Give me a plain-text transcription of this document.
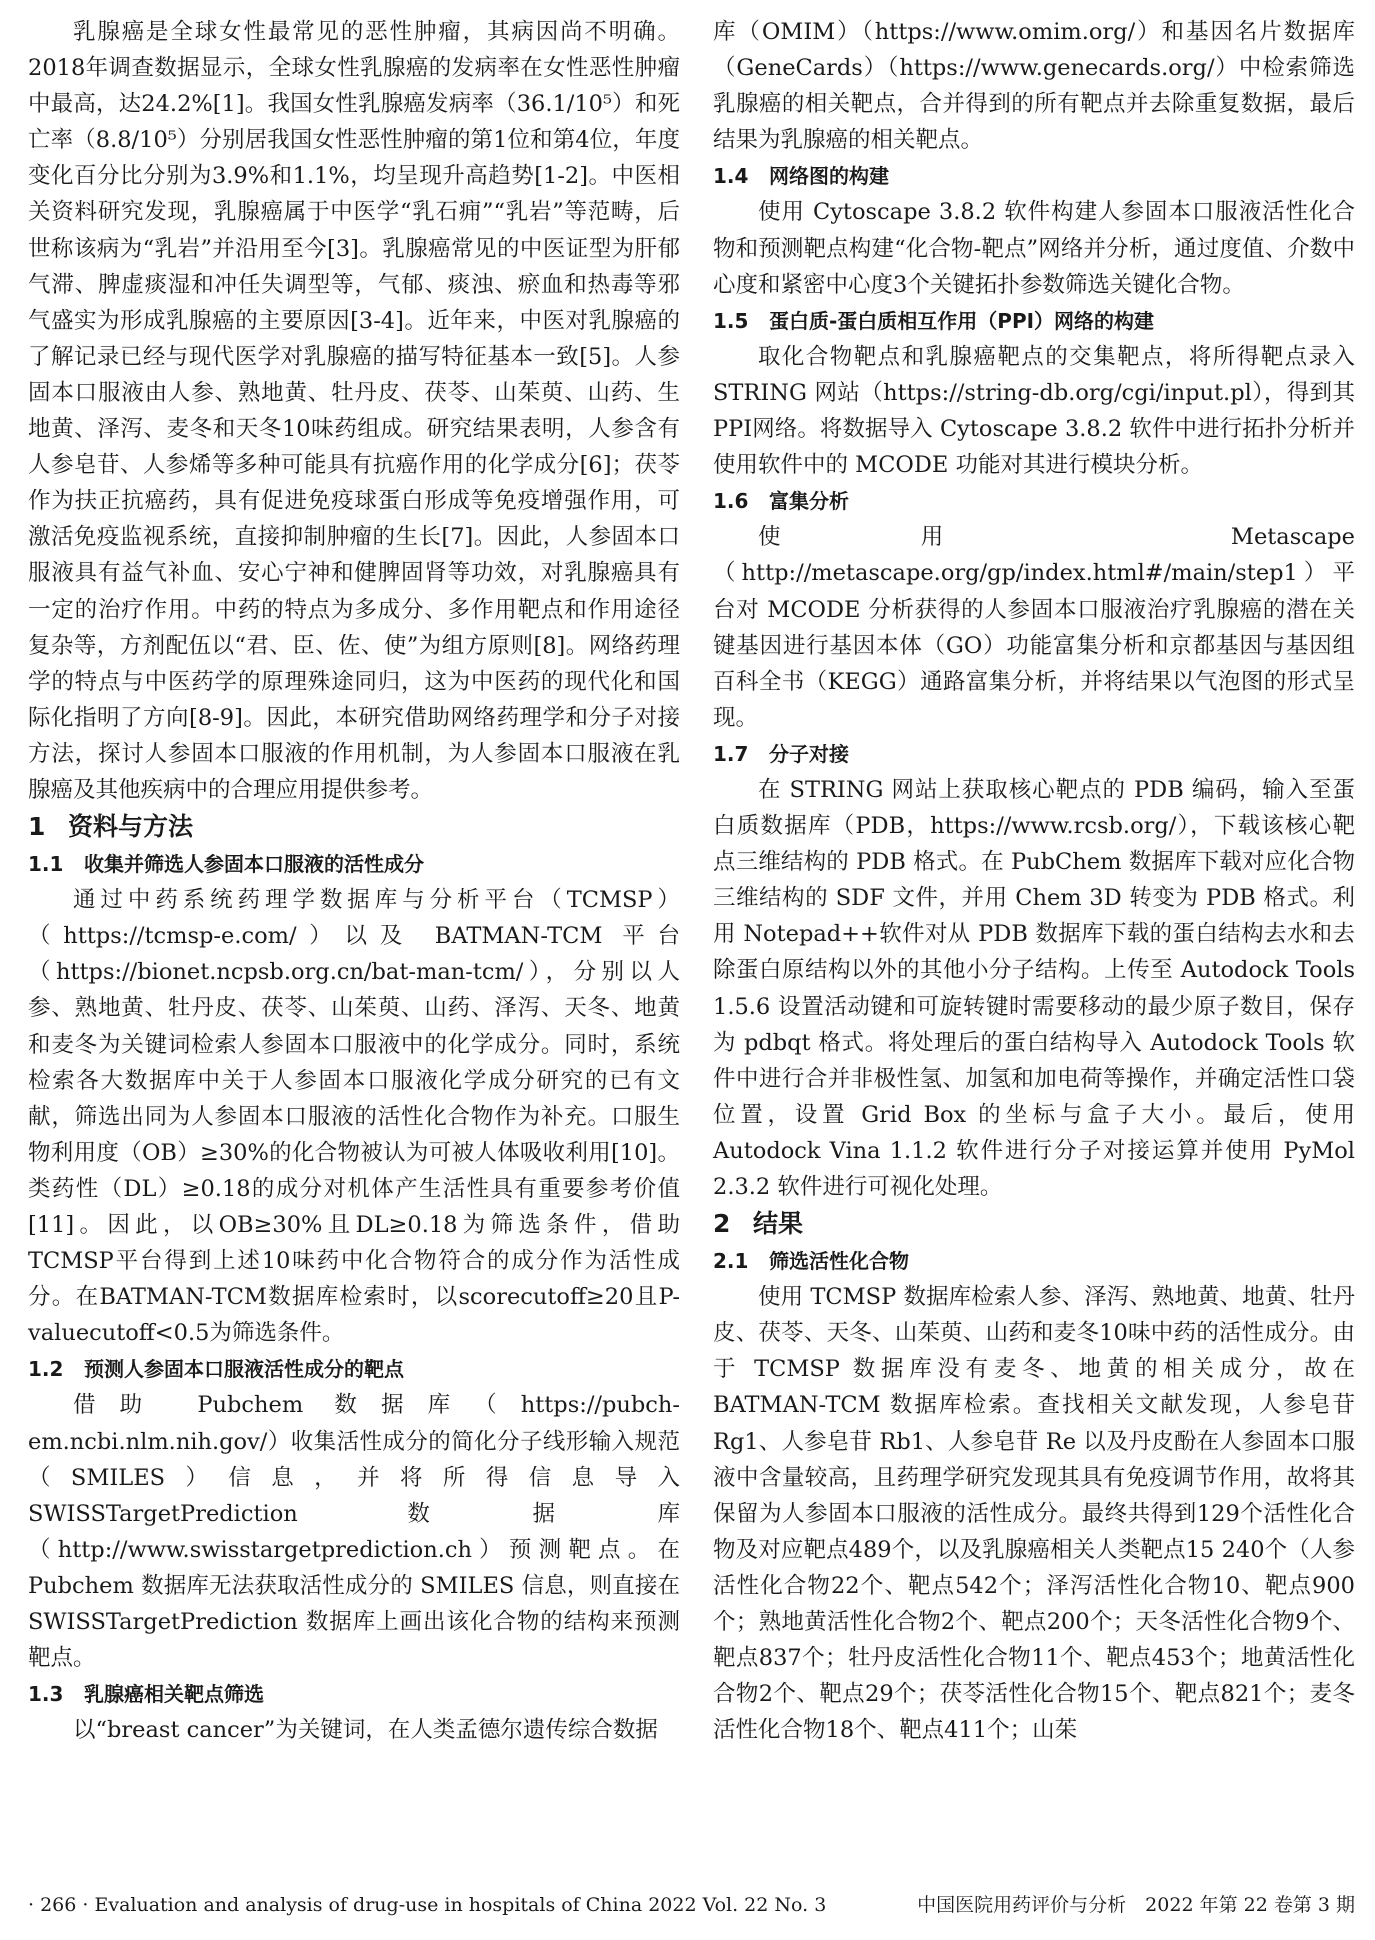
乳腺癌是全球女性最常见的恶性肿瘤，其病因尚不明确。2018年调查数据显示，全球女性乳腺癌的发病率在女性恶性肿瘤中最高，达24.2%[1]。我国女性乳腺癌发病率（36.1/10⁵）和死亡率（8.8/10⁵）分别居我国女性恶性肿瘤的第1位和第4位，年度变化百分比分别为3.9%和1.1%，均呈现升高趋势[1-2]。中医相关资料研究发现，乳腺癌属于中医学“乳石痈”“乳岩”等范畴，后世称该病为“乳岩”并沿用至今[3]。乳腺癌常见的中医证型为肝郁气滞、脾虚痰湿和冲任失调型等，气郁、痰浊、瘀血和热毒等邪气盛实为形成乳腺癌的主要原因[3-4]。近年来，中医对乳腺癌的了解记录已经与现代医学对乳腺癌的描写特征基本一致[5]。人参固本口服液由人参、熟地黄、牡丹皮、茯苓、山茱萸、山药、生地黄、泽泻、麦冬和天冬10味药组成。研究结果表明，人参含有人参皂苷、人参烯等多种可能具有抗癌作用的化学成分[6]；茯苓作为扶正抗癌药，具有促进免疫球蛋白形成等免疫增强作用，可激活免疫监视系统，直接抑制肿瘤的生长[7]。因此，人参固本口服液具有益气补血、安心宁神和健脾固肾等功效，对乳腺癌具有一定的治疗作用。中药的特点为多成分、多作用靶点和作用途径复杂等，方剂配伍以“君、臣、佐、使”为组方原则[8]。网络药理学的特点与中医药学的原理殊途同归，这为中医药的现代化和国际化指明了方向[8-9]。因此，本研究借助网络药理学和分子对接方法，探讨人参固本口服液的作用机制，为人参固本口服液在乳腺癌及其他疾病中的合理应用提供参考。

1 资料与方法
1.1 收集并筛选人参固本口服液的活性成分

通过中药系统药理学数据库与分析平台（TCMSP）（https://tcmsp-e.com/）以及 BATMAN-TCM 平台（https://bionet.ncpsb.org.cn/bat-man-tcm/），分别以人参、熟地黄、牡丹皮、茯苓、山茱萸、山药、泽泻、天冬、地黄和麦冬为关键词检索人参固本口服液中的化学成分。同时，系统检索各大数据库中关于人参固本口服液化学成分研究的已有文献，筛选出同为人参固本口服液的活性化合物作为补充。口服生物利用度（OB）≥30%的化合物被认为可被人体吸收利用[10]。类药性（DL）≥0.18的成分对机体产生活性具有重要参考价值[11]。因此，以OB≥30%且DL≥0.18为筛选条件，借助TCMSP平台得到上述10味药中化合物符合的成分作为活性成分。在BATMAN-TCM数据库检索时，以scorecutoff≥20且P-valuecutoff<0.5为筛选条件。

1.2 预测人参固本口服液活性成分的靶点

借助 Pubchem 数据库（https://pubch-em.ncbi.nlm.nih.gov/）收集活性成分的简化分子线形输入规范（SMILES）信息，并将所得信息导入 SWISSTargetPrediction 数据库（http://www.swisstargetprediction.ch）预测靶点。在 Pubchem 数据库无法获取活性成分的 SMILES 信息，则直接在 SWISSTargetPrediction 数据库上画出该化合物的结构来预测靶点。

1.3 乳腺癌相关靶点筛选

以“breast cancer”为关键词，在人类孟德尔遗传综合数据

库（OMIM）（https://www.omim.org/）和基因名片数据库（GeneCards）（https://www.genecards.org/）中检索筛选乳腺癌的相关靶点，合并得到的所有靶点并去除重复数据，最后结果为乳腺癌的相关靶点。

1.4 网络图的构建

使用 Cytoscape 3.8.2 软件构建人参固本口服液活性化合物和预测靶点构建“化合物-靶点”网络并分析，通过度值、介数中心度和紧密中心度3个关键拓扑参数筛选关键化合物。

1.5 蛋白质-蛋白质相互作用（PPI）网络的构建

取化合物靶点和乳腺癌靶点的交集靶点，将所得靶点录入 STRING 网站（https://string-db.org/cgi/input.pl），得到其PPI网络。将数据导入 Cytoscape 3.8.2 软件中进行拓扑分析并使用软件中的 MCODE 功能对其进行模块分析。

1.6 富集分析

使用 Metascape（http://metascape.org/gp/index.html#/main/step1）平台对 MCODE 分析获得的人参固本口服液治疗乳腺癌的潜在关键基因进行基因本体（GO）功能富集分析和京都基因与基因组百科全书（KEGG）通路富集分析，并将结果以气泡图的形式呈现。

1.7 分子对接

在 STRING 网站上获取核心靶点的 PDB 编码，输入至蛋白质数据库（PDB，https://www.rcsb.org/），下载该核心靶点三维结构的 PDB 格式。在 PubChem 数据库下载对应化合物三维结构的 SDF 文件，并用 Chem 3D 转变为 PDB 格式。利用 Notepad++软件对从 PDB 数据库下载的蛋白结构去水和去除蛋白原结构以外的其他小分子结构。上传至 Autodock Tools 1.5.6 设置活动键和可旋转键时需要移动的最少原子数目，保存为 pdbqt 格式。将处理后的蛋白结构导入 Autodock Tools 软件中进行合并非极性氢、加氢和加电荷等操作，并确定活性口袋位置，设置 Grid Box 的坐标与盒子大小。最后，使用 Autodock Vina 1.1.2 软件进行分子对接运算并使用 PyMol 2.3.2 软件进行可视化处理。

2 结果
2.1 筛选活性化合物

使用 TCMSP 数据库检索人参、泽泻、熟地黄、地黄、牡丹皮、茯苓、天冬、山茱萸、山药和麦冬10味中药的活性成分。由于 TCMSP 数据库没有麦冬、地黄的相关成分，故在 BATMAN-TCM 数据库检索。查找相关文献发现，人参皂苷 Rg1、人参皂苷 Rb1、人参皂苷 Re 以及丹皮酚在人参固本口服液中含量较高，且药理学研究发现其具有免疫调节作用，故将其保留为人参固本口服液的活性成分。最终共得到129个活性化合物及对应靶点489个，以及乳腺癌相关人类靶点15 240个（人参活性化合物22个、靶点542个；泽泻活性化合物10、靶点900个；熟地黄活性化合物2个、靶点200个；天冬活性化合物9个、靶点837个；牡丹皮活性化合物11个、靶点453个；地黄活性化合物2个、靶点29个；茯苓活性化合物15个、靶点821个；麦冬活性化合物18个、靶点411个；山茱

· 266 · Evaluation and analysis of drug-use in hospitals of China 2022 Vol. 22 No. 3	中国医院用药评价与分析　2022 年第 22 卷第 3 期
